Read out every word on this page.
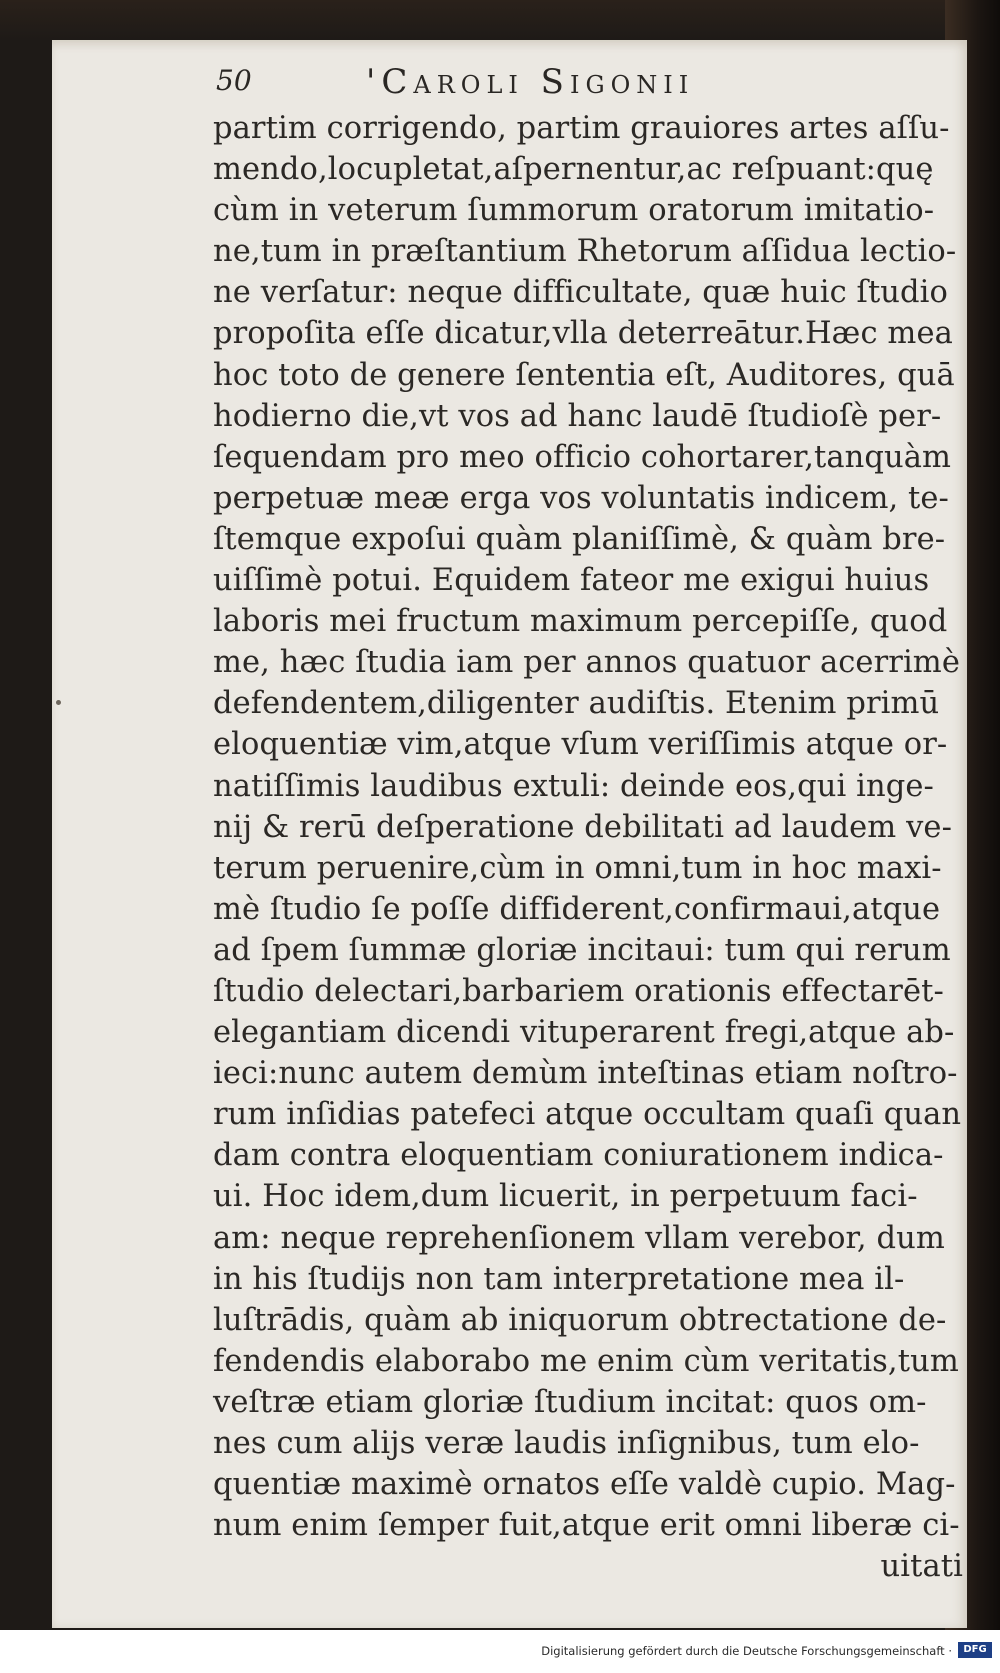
50	'Caroli Sigonii
partim corrigendo, partim grauiores artes aſſu-
mendo,locupletat,aſpernentur,ac reſpuant:quę
cùm in veterum ſummorum oratorum imitatio-
ne,tum in præſtantium Rhetorum aſſidua lectio-
ne verſatur: neque difficultate, quæ huic ſtudio
propoſita eſſe dicatur,vlla deterreātur.Hæc mea
hoc toto de genere ſententia eſt, Auditores, quā
hodierno die,vt vos ad hanc laudē ſtudioſè per-
ſequendam pro meo officio cohortarer,tanquàm
perpetuæ meæ erga vos voluntatis indicem, te-
ſtemque expoſui quàm planiſſimè, & quàm bre-
uiſſimè potui. Equidem fateor me exigui huius
laboris mei fructum maximum percepiſſe, quod
me, hæc ſtudia iam per annos quatuor acerrimè
defendentem,diligenter audiſtis. Etenim primū
eloquentiæ vim,atque vſum veriſſimis atque or-
natiſſimis laudibus extuli: deinde eos,qui inge-
nij & rerū deſperatione debilitati ad laudem ve-
terum peruenire,cùm in omni,tum in hoc maxi-
mè ſtudio ſe poſſe diffiderent,confirmaui,atque
ad ſpem ſummæ gloriæ incitaui: tum qui rerum
ſtudio delectari,barbariem orationis effectarēt-
elegantiam dicendi vituperarent fregi,atque ab-
ieci:nunc autem demùm inteſtinas etiam noſtro-
rum inſidias patefeci atque occultam quaſi quan
dam contra eloquentiam coniurationem indica-
ui. Hoc idem,dum licuerit, in perpetuum faci-
am: neque reprehenſionem vllam verebor, dum
in his ſtudijs non tam interpretatione mea il-
luſtrādis, quàm ab iniquorum obtrectatione de-
fendendis elaborabo me enim cùm veritatis,tum
veſtræ etiam gloriæ ſtudium incitat: quos om-
nes cum alijs veræ laudis inſignibus, tum elo-
quentiæ maximè ornatos eſſe valdè cupio. Mag-
num enim ſemper fuit,atque erit omni liberæ ci-
uitati
Digitalisierung gefördert durch die Deutsche Forschungsgemeinschaft ·	DFG
